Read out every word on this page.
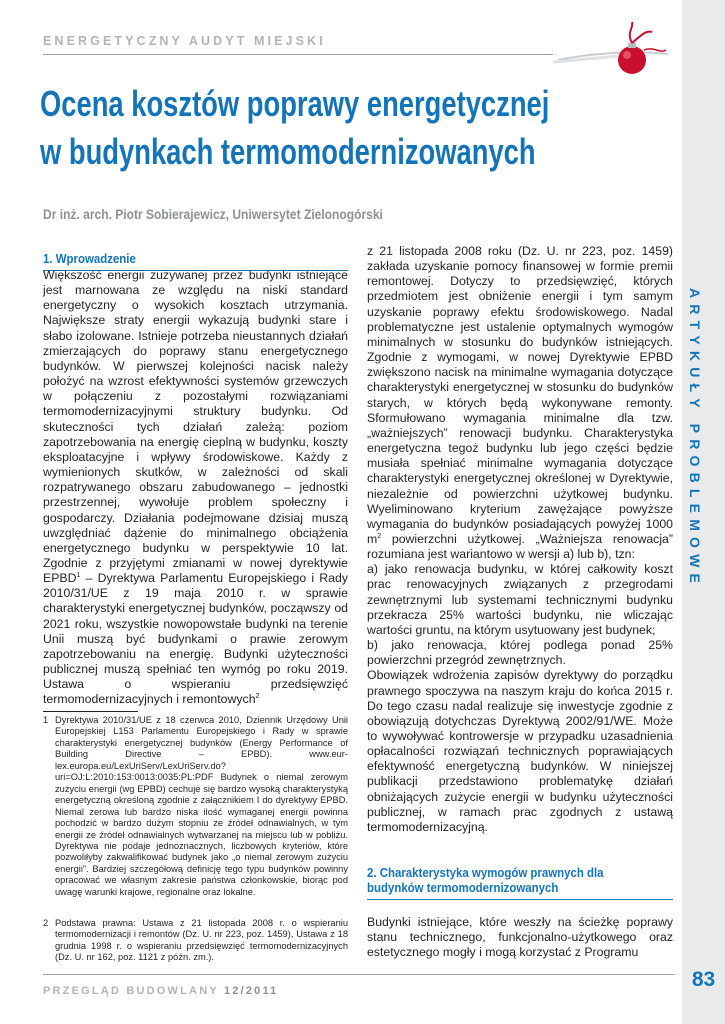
ENERGETYCZNY AUDYT MIEJSKI
ARTYKUŁY PROBLEMOWE
83
Ocena kosztów poprawy energetycznej
w budynkach termomodernizowanych
Dr inż. arch. Piotr Sobierajewicz, Uniwersytet Zielonogórski
1. Wprowadzenie

Większość energii zużywanej przez budynki istniejące jest marnowana ze względu na niski standard energetyczny o wysokich kosztach utrzymania. Największe straty energii wykazują budynki stare i słabo izolowane. Istnieje potrzeba nieustannych działań zmierzających do poprawy stanu energetycznego budynków. W pierwszej kolejności nacisk należy położyć na wzrost efektywności systemów grzewczych w połączeniu z pozostałymi rozwiązaniami termomodernizacyjnymi struktury budynku. Od skuteczności tych działań zależą: poziom zapotrzebowania na energię cieplną w budynku, koszty eksploatacyjne i wpływy środowiskowe. Każdy z wymienionych skutków, w zależności od skali rozpatrywanego obszaru zabudowanego – jednostki przestrzennej, wywołuje problem społeczny i gospodarczy. Działania podejmowane dzisiaj muszą uwzględniać dążenie do minimalnego obciążenia energetycznego budynku w perspektywie 10 lat. Zgodnie z przyjętymi zmianami w nowej dyrektywie EPBD$^1$ – Dyrektywa Parlamentu Europejskiego i Rady 2010/31/UE z 19 maja 2010 r. w sprawie charakterystyki energetycznej budynków, począwszy od 2021 roku, wszystkie nowopowstałe budynki na terenie Unii muszą być budynkami o prawie zerowym zapotrzebowaniu na energię. Budynki użyteczności publicznej muszą spełniać ten wymóg po roku 2019. Ustawa o wspieraniu przedsięwzięć termomodernizacyjnych i remontowych$^2$

z 21 listopada 2008 roku (Dz. U. nr 223, poz. 1459) zakłada uzyskanie pomocy finansowej w formie premii remontowej. Dotyczy to przedsięwzięć, których przedmiotem jest obniżenie energii i tym samym uzyskanie poprawy efektu środowiskowego. Nadal problematyczne jest ustalenie optymalnych wymogów minimalnych w stosunku do budynków istniejących. Zgodnie z wymogami, w nowej Dyrektywie EPBD zwiększono nacisk na minimalne wymagania dotyczące charakterystyki energetycznej w stosunku do budynków starych, w których będą wykonywane remonty. Sformułowano wymagania minimalne dla tzw. „ważniejszych” renowacji budynku. Charakterystyka energetyczna tegoż budynku lub jego części będzie musiała spełniać minimalne wymagania dotyczące charakterystyki energetycznej określonej w Dyrektywie, niezależnie od powierzchni użytkowej budynku. Wyeliminowano kryterium zawężające powyższe wymagania do budynków posiadających powyżej 1000 $m^2$ powierzchni użytkowej. „Ważniejsza renowacja” rozumiana jest wariantowo w wersji a) lub b), tzn:

a) jako renowacja budynku, w której całkowity koszt prac renowacyjnych związanych z przegrodami zewnętrznymi lub systemami technicznymi budynku przekracza 25% wartości budynku, nie wliczając wartości gruntu, na którym usytuowany jest budynek;

b) jako renowacja, której podlega ponad 25% powierzchni przegród zewnętrznych.

Obowiązek wdrożenia zapisów dyrektywy do porządku prawnego spoczywa na naszym kraju do końca 2015 r. Do tego czasu nadal realizuje się inwestycje zgodnie z obowiązują dotychczas Dyrektywą 2002/91/WE. Może to wywoływać kontrowersje w przypadku uzasadnienia opłacalności rozwiązań technicznych poprawiających efektywność energetyczną budynków. W niniejszej publikacji przedstawiono problematykę działań obniżających zużycie energii w budynku użyteczności publicznej, w ramach prac zgodnych z ustawą termomodernizacyjną.

2. Charakterystyka wymogów prawnych dla
budynków termomodernizowanych

Budynki istniejące, które weszły na ścieżkę poprawy stanu technicznego, funkcjonalno-użytkowego oraz estetycznego mogły i mogą korzystać z Programu

1 Dyrektywa 2010/31/UE z 18 czerwca 2010, Dziennik Urzędowy Unii Europejskiej L153 Parlamentu Europejskiego i Rady w sprawie charakterystyki energetycznej budynków (Energy Performance of Building Directive – EPBD). www.eur-lex.europa.eu/LexUriServ/LexUriServ.do?uri=OJ:L:2010:153:0013:0035:PL:PDF Budynek o niemal zerowym zużyciu energii (wg EPBD) cechuje się bardzo wysoką charakterystyką energetyczną określoną zgodnie z załącznikiem I do dyrektywy EPBD. Niemal zerowa lub bardzo niska ilość wymaganej energii powinna pochodzić w bardzo dużym stopniu ze źródeł odnawialnych, w tym energii ze źródeł odnawialnych wytwarzanej na miejscu lub w pobliżu. Dyrektywa nie podaje jednoznacznych, liczbowych kryteriów, które pozwoliłyby zakwalifikować budynek jako „o niemal zerowym zużyciu energii”. Bardziej szczegółową definicję tego typu budynków powinny opracować we własnym zakresie państwa członkowskie, biorąc pod uwagę warunki krajowe, regionalne oraz lokalne.
2 Podstawa prawna: Ustawa z 21 listopada 2008 r. o wspieraniu termomodernizacji i remontów (Dz. U. nr 223, poz. 1459), Ustawa z 18 grudnia 1998 r. o wspieraniu przedsięwzięć termomodernizacyjnych (Dz. U. nr 162, poz. 1121 z późn. zm.).
PRZEGLĄD BUDOWLANY 12/2011
